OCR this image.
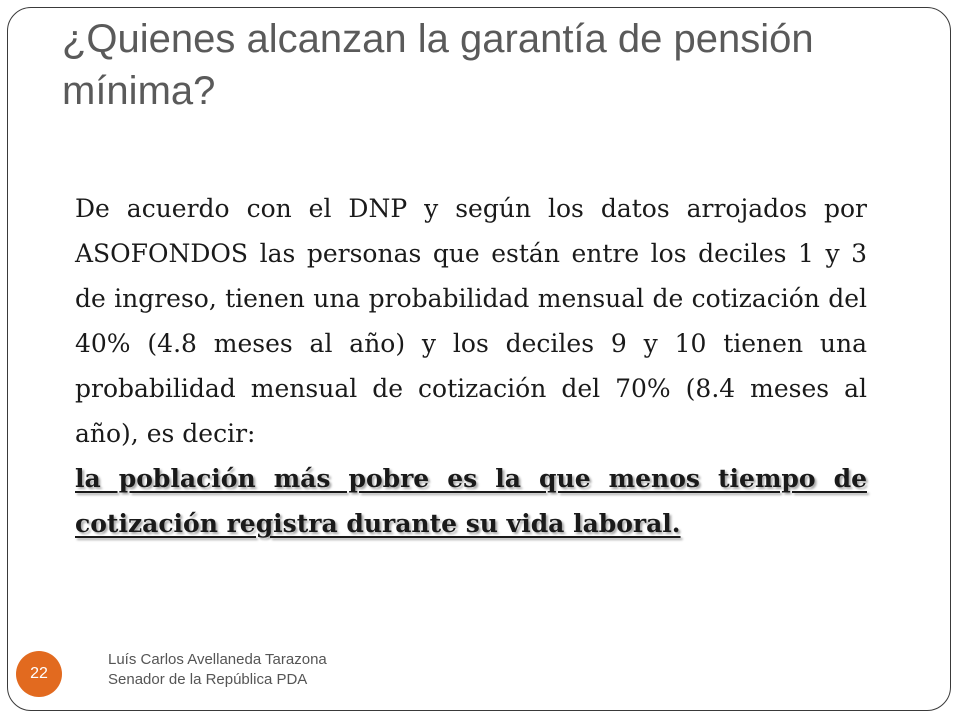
¿Quienes alcanzan la garantía de pensión mínima?
De acuerdo con el DNP y según los datos arrojados por ASOFONDOS las personas que están entre los deciles 1 y 3 de ingreso, tienen una probabilidad mensual de cotización del 40% (4.8 meses al año) y los deciles 9 y 10 tienen una probabilidad mensual de cotización del 70% (8.4 meses al año), es decir:
la población más pobre es la que menos tiempo de cotización registra durante su vida laboral.
22
Luís Carlos Avellaneda Tarazona
Senador de la República PDA
